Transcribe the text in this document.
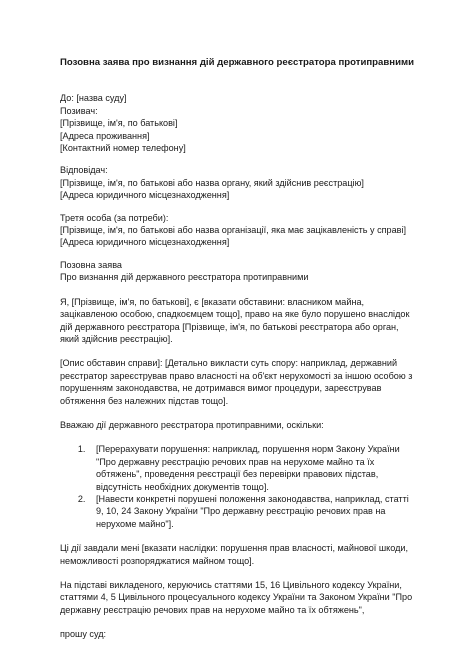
Позовна заява про визнання дій державного реєстратора протиправними
До: [назва суду]
Позивач:
[Прізвище, ім'я, по батькові]
[Адреса проживання]
[Контактний номер телефону]
Відповідач:
[Прізвище, ім'я, по батькові або назва органу, який здійснив реєстрацію]
[Адреса юридичного місцезнаходження]
Третя особа (за потреби):
[Прізвище, ім'я, по батькові або назва організації, яка має зацікавленість у справі]
[Адреса юридичного місцезнаходження]
Позовна заява
Про визнання дій державного реєстратора протиправними

Я, [Прізвище, ім'я, по батькові], є [вказати обставини: власником майна, зацікавленою особою, спадкоємцем тощо], право на яке було порушено внаслідок дій державного реєстратора [Прізвище, ім'я, по батькові реєстратора або орган, який здійснив реєстрацію].

[Опис обставин справи]: [Детально викласти суть спору: наприклад, державний реєстратор зареєстрував право власності на об'єкт нерухомості за іншою особою з порушенням законодавства, не дотримався вимог процедури, зареєстрував обтяження без належних підстав тощо].

Вважаю дії державного реєстратора протиправними, оскільки:

1. [Перерахувати порушення: наприклад, порушення норм Закону України "Про державну реєстрацію речових прав на нерухоме майно та їх обтяжень", проведення реєстрації без перевірки правових підстав, відсутність необхідних документів тощо].
2. [Навести конкретні порушені положення законодавства, наприклад, статті 9, 10, 24 Закону України "Про державну реєстрацію речових прав на нерухоме майно"].

Ці дії завдали мені [вказати наслідки: порушення прав власності, майнової шкоди, неможливості розпоряджатися майном тощо].

На підставі викладеного, керуючись статтями 15, 16 Цивільного кодексу України, статтями 4, 5 Цивільного процесуального кодексу України та Законом України "Про державну реєстрацію речових прав на нерухоме майно та їх обтяжень",

прошу суд:
